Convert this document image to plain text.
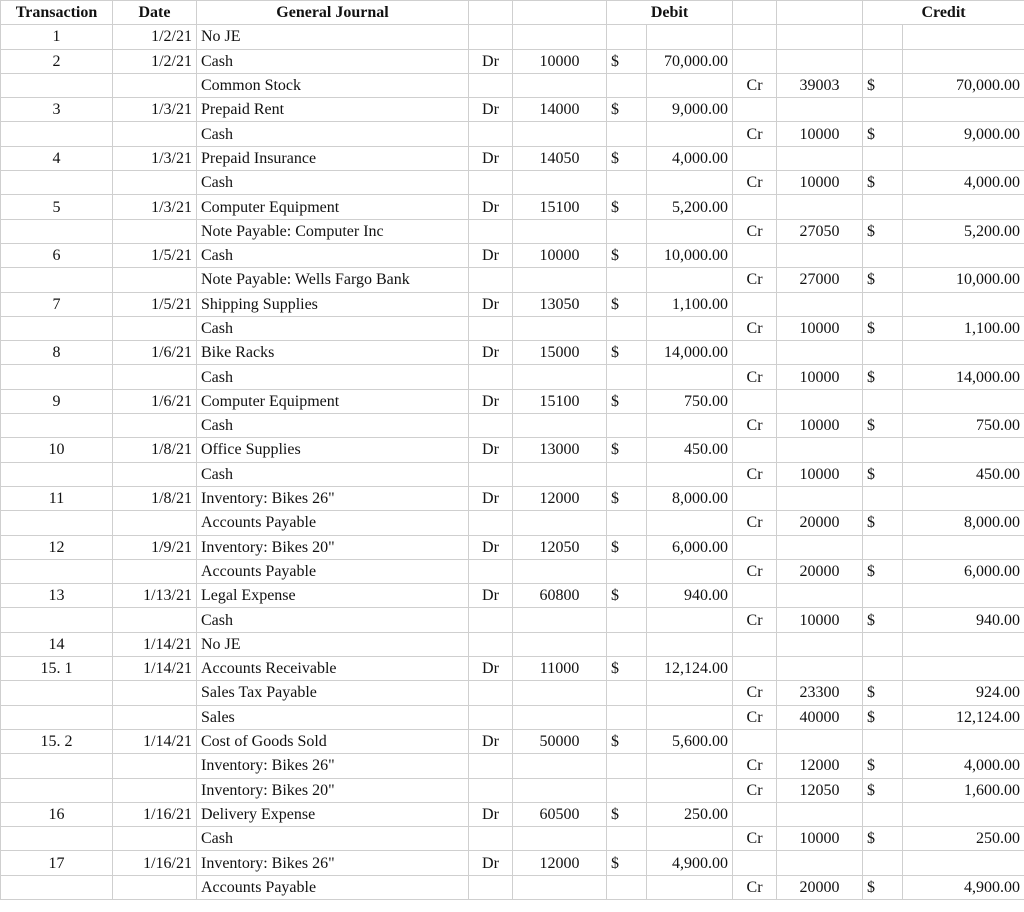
Transaction	Date	General Journal			Debit				Credit	
1	1/2/21	No JE								
2	1/2/21	Cash	Dr	10000	$	70,000.00				
		Common Stock					Cr	39003	$	70,000.00
3	1/3/21	Prepaid Rent	Dr	14000	$	9,000.00				
		Cash					Cr	10000	$	9,000.00
4	1/3/21	Prepaid Insurance	Dr	14050	$	4,000.00				
		Cash					Cr	10000	$	4,000.00
5	1/3/21	Computer Equipment	Dr	15100	$	5,200.00				
		Note Payable: Computer Inc					Cr	27050	$	5,200.00
6	1/5/21	Cash	Dr	10000	$	10,000.00				
		Note Payable: Wells Fargo Bank					Cr	27000	$	10,000.00
7	1/5/21	Shipping Supplies	Dr	13050	$	1,100.00				
		Cash					Cr	10000	$	1,100.00
8	1/6/21	Bike Racks	Dr	15000	$	14,000.00				
		Cash					Cr	10000	$	14,000.00
9	1/6/21	Computer Equipment	Dr	15100	$	750.00				
		Cash					Cr	10000	$	750.00
10	1/8/21	Office Supplies	Dr	13000	$	450.00				
		Cash					Cr	10000	$	450.00
11	1/8/21	Inventory: Bikes 26"	Dr	12000	$	8,000.00				
		Accounts Payable					Cr	20000	$	8,000.00
12	1/9/21	Inventory: Bikes 20"	Dr	12050	$	6,000.00				
		Accounts Payable					Cr	20000	$	6,000.00
13	1/13/21	Legal Expense	Dr	60800	$	940.00				
		Cash					Cr	10000	$	940.00
14	1/14/21	No JE								
15. 1	1/14/21	Accounts Receivable	Dr	11000	$	12,124.00				
		Sales Tax Payable					Cr	23300	$	924.00
		Sales					Cr	40000	$	12,124.00
15. 2	1/14/21	Cost of Goods Sold	Dr	50000	$	5,600.00				
		Inventory: Bikes 26"					Cr	12000	$	4,000.00
		Inventory: Bikes 20"					Cr	12050	$	1,600.00
16	1/16/21	Delivery Expense	Dr	60500	$	250.00				
		Cash					Cr	10000	$	250.00
17	1/16/21	Inventory: Bikes 26"	Dr	12000	$	4,900.00				
		Accounts Payable					Cr	20000	$	4,900.00
